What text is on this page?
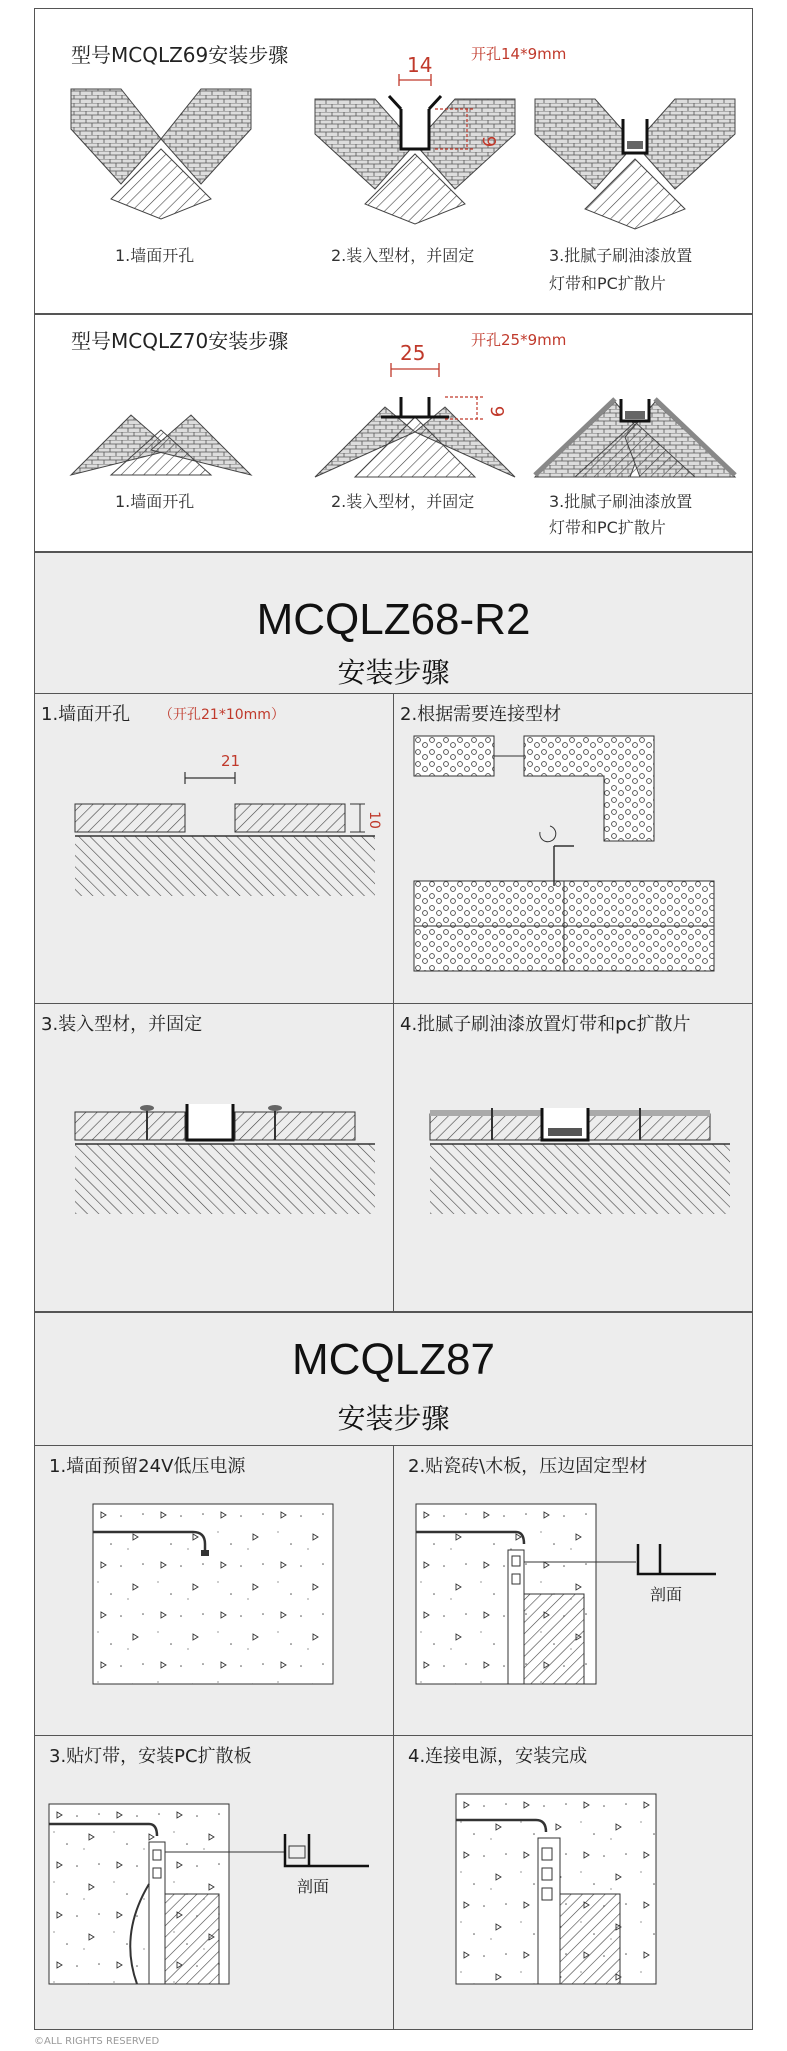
型号MCQLZ69安装步骤	开孔14*9mm
1.墙面开孔
14
9
2.装入型材，并固定	3.批腻子刷油漆放置
灯带和PC扩散片
型号MCQLZ70安装步骤	开孔25*9mm
1.墙面开孔
25
9
2.装入型材，并固定	3.批腻子刷油漆放置
灯带和PC扩散片
MCQLZ68-R2
安装步骤
1.墙面开孔 （开孔21*10mm）
21
10
2.根据需要连接型材
3.装入型材，并固定	4.批腻子刷油漆放置灯带和pc扩散片
MCQLZ87
安装步骤
1.墙面预留24V低压电源	2.贴瓷砖\木板，压边固定型材
剖面
3.贴灯带，安装PC扩散板
剖面
4.连接电源，安装完成
©ALL RIGHTS RESERVED
